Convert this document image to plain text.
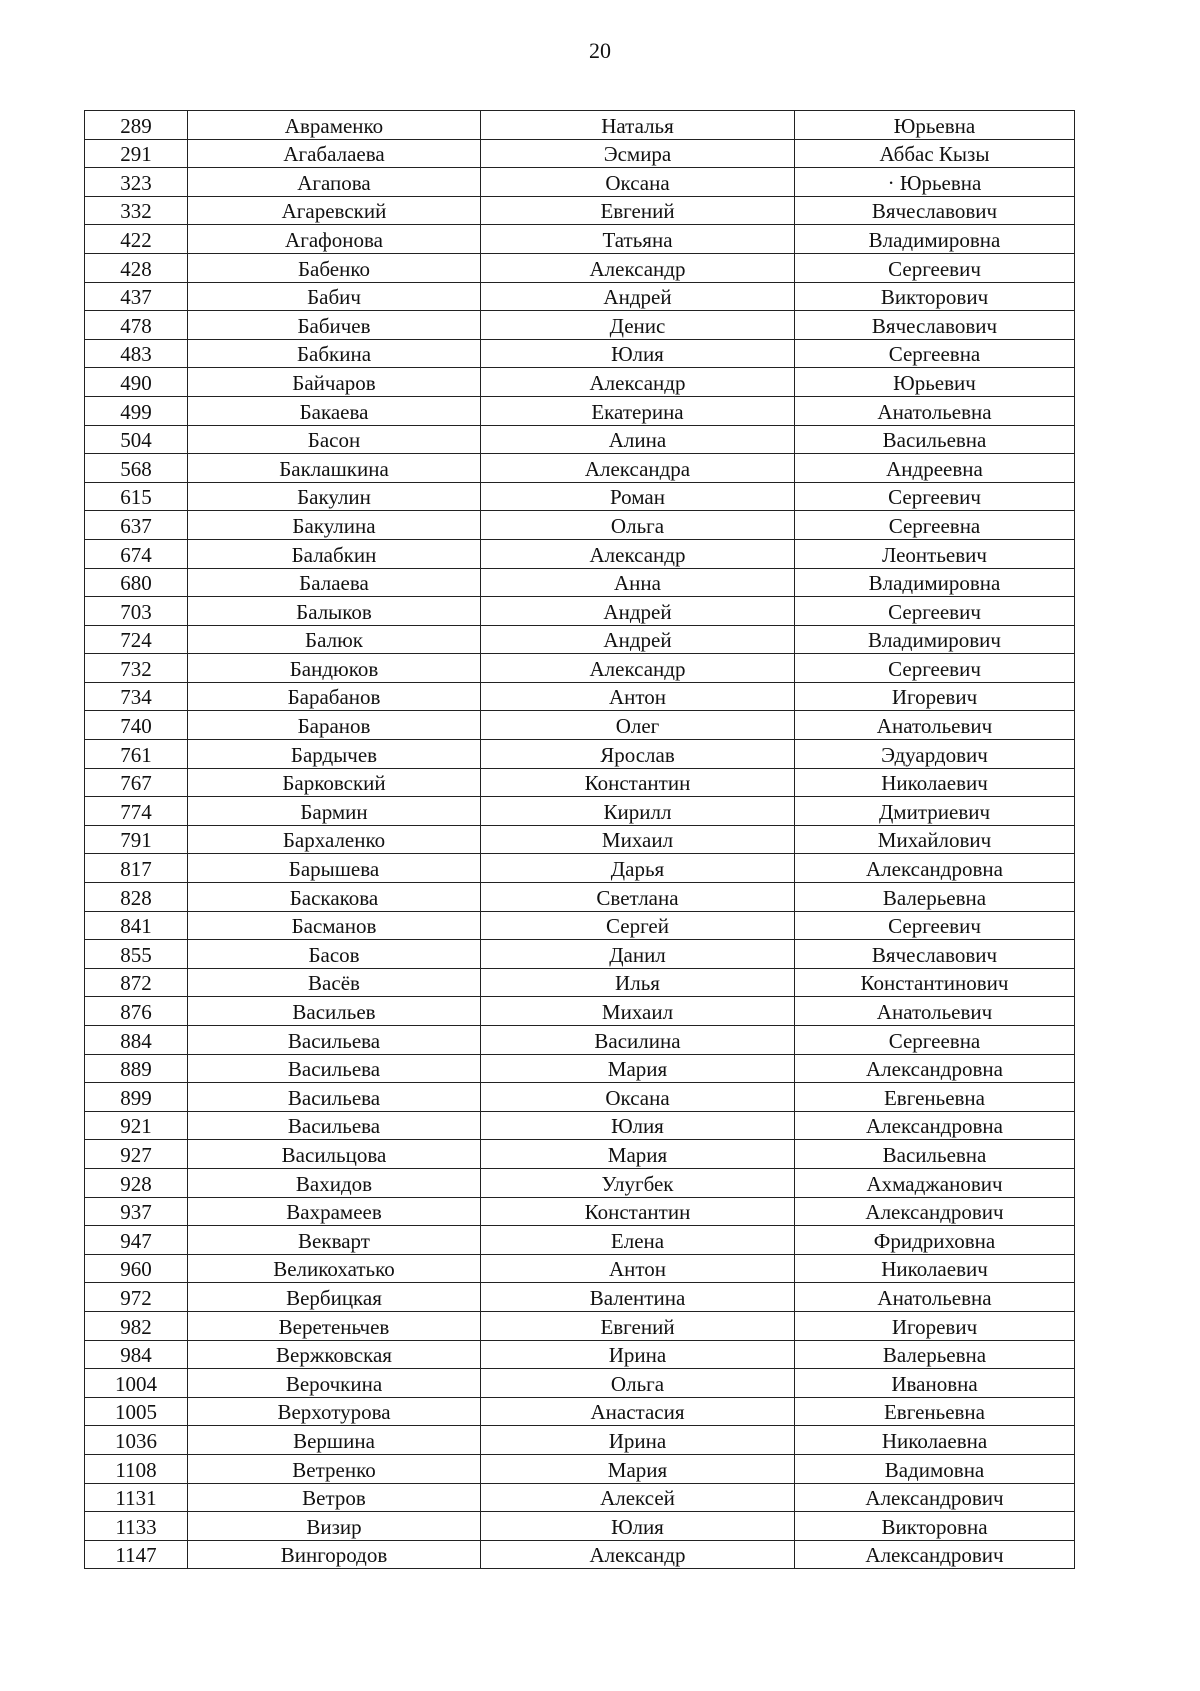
20
289	Авраменко	Наталья	Юрьевна
291	Агабалаева	Эсмира	Аббас Кызы
323	Агапова	Оксана	· Юрьевна
332	Агаревский	Евгений	Вячеславович
422	Агафонова	Татьяна	Владимировна
428	Бабенко	Александр	Сергеевич
437	Бабич	Андрей	Викторович
478	Бабичев	Денис	Вячеславович
483	Бабкина	Юлия	Сергеевна
490	Байчаров	Александр	Юрьевич
499	Бакаева	Екатерина	Анатольевна
504	Басон	Алина	Васильевна
568	Баклашкина	Александра	Андреевна
615	Бакулин	Роман	Сергеевич
637	Бакулина	Ольга	Сергеевна
674	Балабкин	Александр	Леонтьевич
680	Балаева	Анна	Владимировна
703	Балыков	Андрей	Сергеевич
724	Балюк	Андрей	Владимирович
732	Бандюков	Александр	Сергеевич
734	Барабанов	Антон	Игоревич
740	Баранов	Олег	Анатольевич
761	Бардычев	Ярослав	Эдуардович
767	Барковский	Константин	Николаевич
774	Бармин	Кирилл	Дмитриевич
791	Бархаленко	Михаил	Михайлович
817	Барышева	Дарья	Александровна
828	Баскакова	Светлана	Валерьевна
841	Басманов	Сергей	Сергеевич
855	Басов	Данил	Вячеславович
872	Васёв	Илья	Константинович
876	Васильев	Михаил	Анатольевич
884	Васильева	Василина	Сергеевна
889	Васильева	Мария	Александровна
899	Васильева	Оксана	Евгеньевна
921	Васильева	Юлия	Александровна
927	Васильцова	Мария	Васильевна
928	Вахидов	Улугбек	Ахмаджанович
937	Вахрамеев	Константин	Александрович
947	Векварт	Елена	Фридриховна
960	Великохатько	Антон	Николаевич
972	Вербицкая	Валентина	Анатольевна
982	Веретеньчев	Евгений	Игоревич
984	Вержковская	Ирина	Валерьевна
1004	Верочкина	Ольга	Ивановна
1005	Верхотурова	Анастасия	Евгеньевна
1036	Вершина	Ирина	Николаевна
1108	Ветренко	Мария	Вадимовна
1131	Ветров	Алексей	Александрович
1133	Визир	Юлия	Викторовна
1147	Вингородов	Александр	Александрович
